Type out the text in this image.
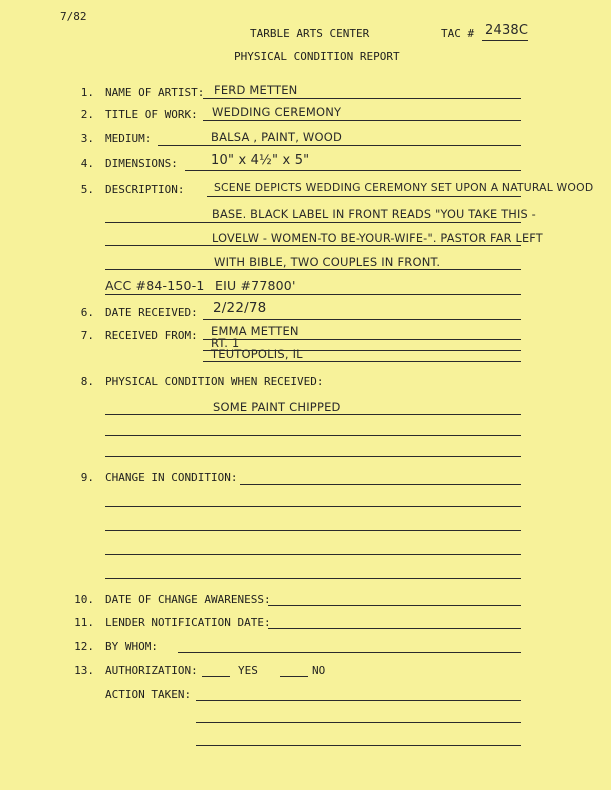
7/82
TARBLE ARTS CENTER	TAC # 2438C
PHYSICAL CONDITION REPORT
1. NAME OF ARTIST: FERD METTEN
2. TITLE OF WORK: WEDDING CEREMONY
3. MEDIUM:	BALSA , PAINT, WOOD
4. DIMENSIONS:	10" x 4½" x 5"
5. DESCRIPTION:	SCENE DEPICTS WEDDING CEREMONY SET UPON A NATURAL WOOD
BASE. BLACK LABEL IN FRONT READS "YOU TAKE THIS -
LOVELW - WOMEN-TO BE-YOUR-WIFE-". PASTOR FAR LEFT
WITH BIBLE, TWO COUPLES IN FRONT.
ACC #84-150-1 EIU #77800'
6. DATE RECEIVED: 2/22/78
7. RECEIVED FROM: EMMA METTEN
RT. 1
TEUTOPOLIS, IL
8. PHYSICAL CONDITION WHEN RECEIVED:
SOME PAINT CHIPPED
9. CHANGE IN CONDITION:
10. DATE OF CHANGE AWARENESS:
11. LENDER NOTIFICATION DATE:
12. BY WHOM:
13. AUTHORIZATION:	YES	NO
ACTION TAKEN:
